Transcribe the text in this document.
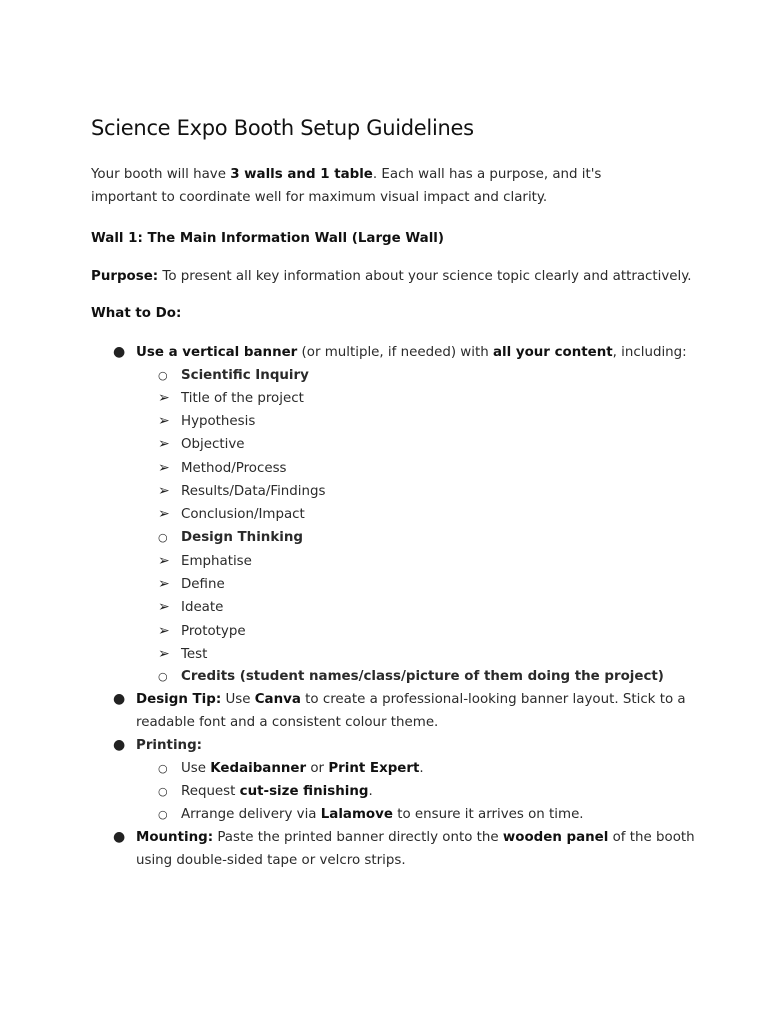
Science Expo Booth Setup Guidelines

Your booth will have 3 walls and 1 table. Each wall has a purpose, and it's important to coordinate well for maximum visual impact and clarity.

Wall 1: The Main Information Wall (Large Wall)

Purpose: To present all key information about your science topic clearly and attractively.

What to Do:

● Use a vertical banner (or multiple, if needed) with all your content, including:

○ Scientific Inquiry

➢ Title of the project

➢ Hypothesis

➢ Objective

➢ Method/Process

➢ Results/Data/Findings

➢ Conclusion/Impact

○ Design Thinking

➢ Emphatise

➢ Define

➢ Ideate

➢ Prototype

➢ Test

○ Credits (student names/class/picture of them doing the project)

● Design Tip: Use Canva to create a professional-looking banner layout. Stick to a

readable font and a consistent colour theme.

● Printing:

○ Use Kedaibanner or Print Expert.

○ Request cut-size finishing.

○ Arrange delivery via Lalamove to ensure it arrives on time.

● Mounting: Paste the printed banner directly onto the wooden panel of the booth

using double-sided tape or velcro strips.
